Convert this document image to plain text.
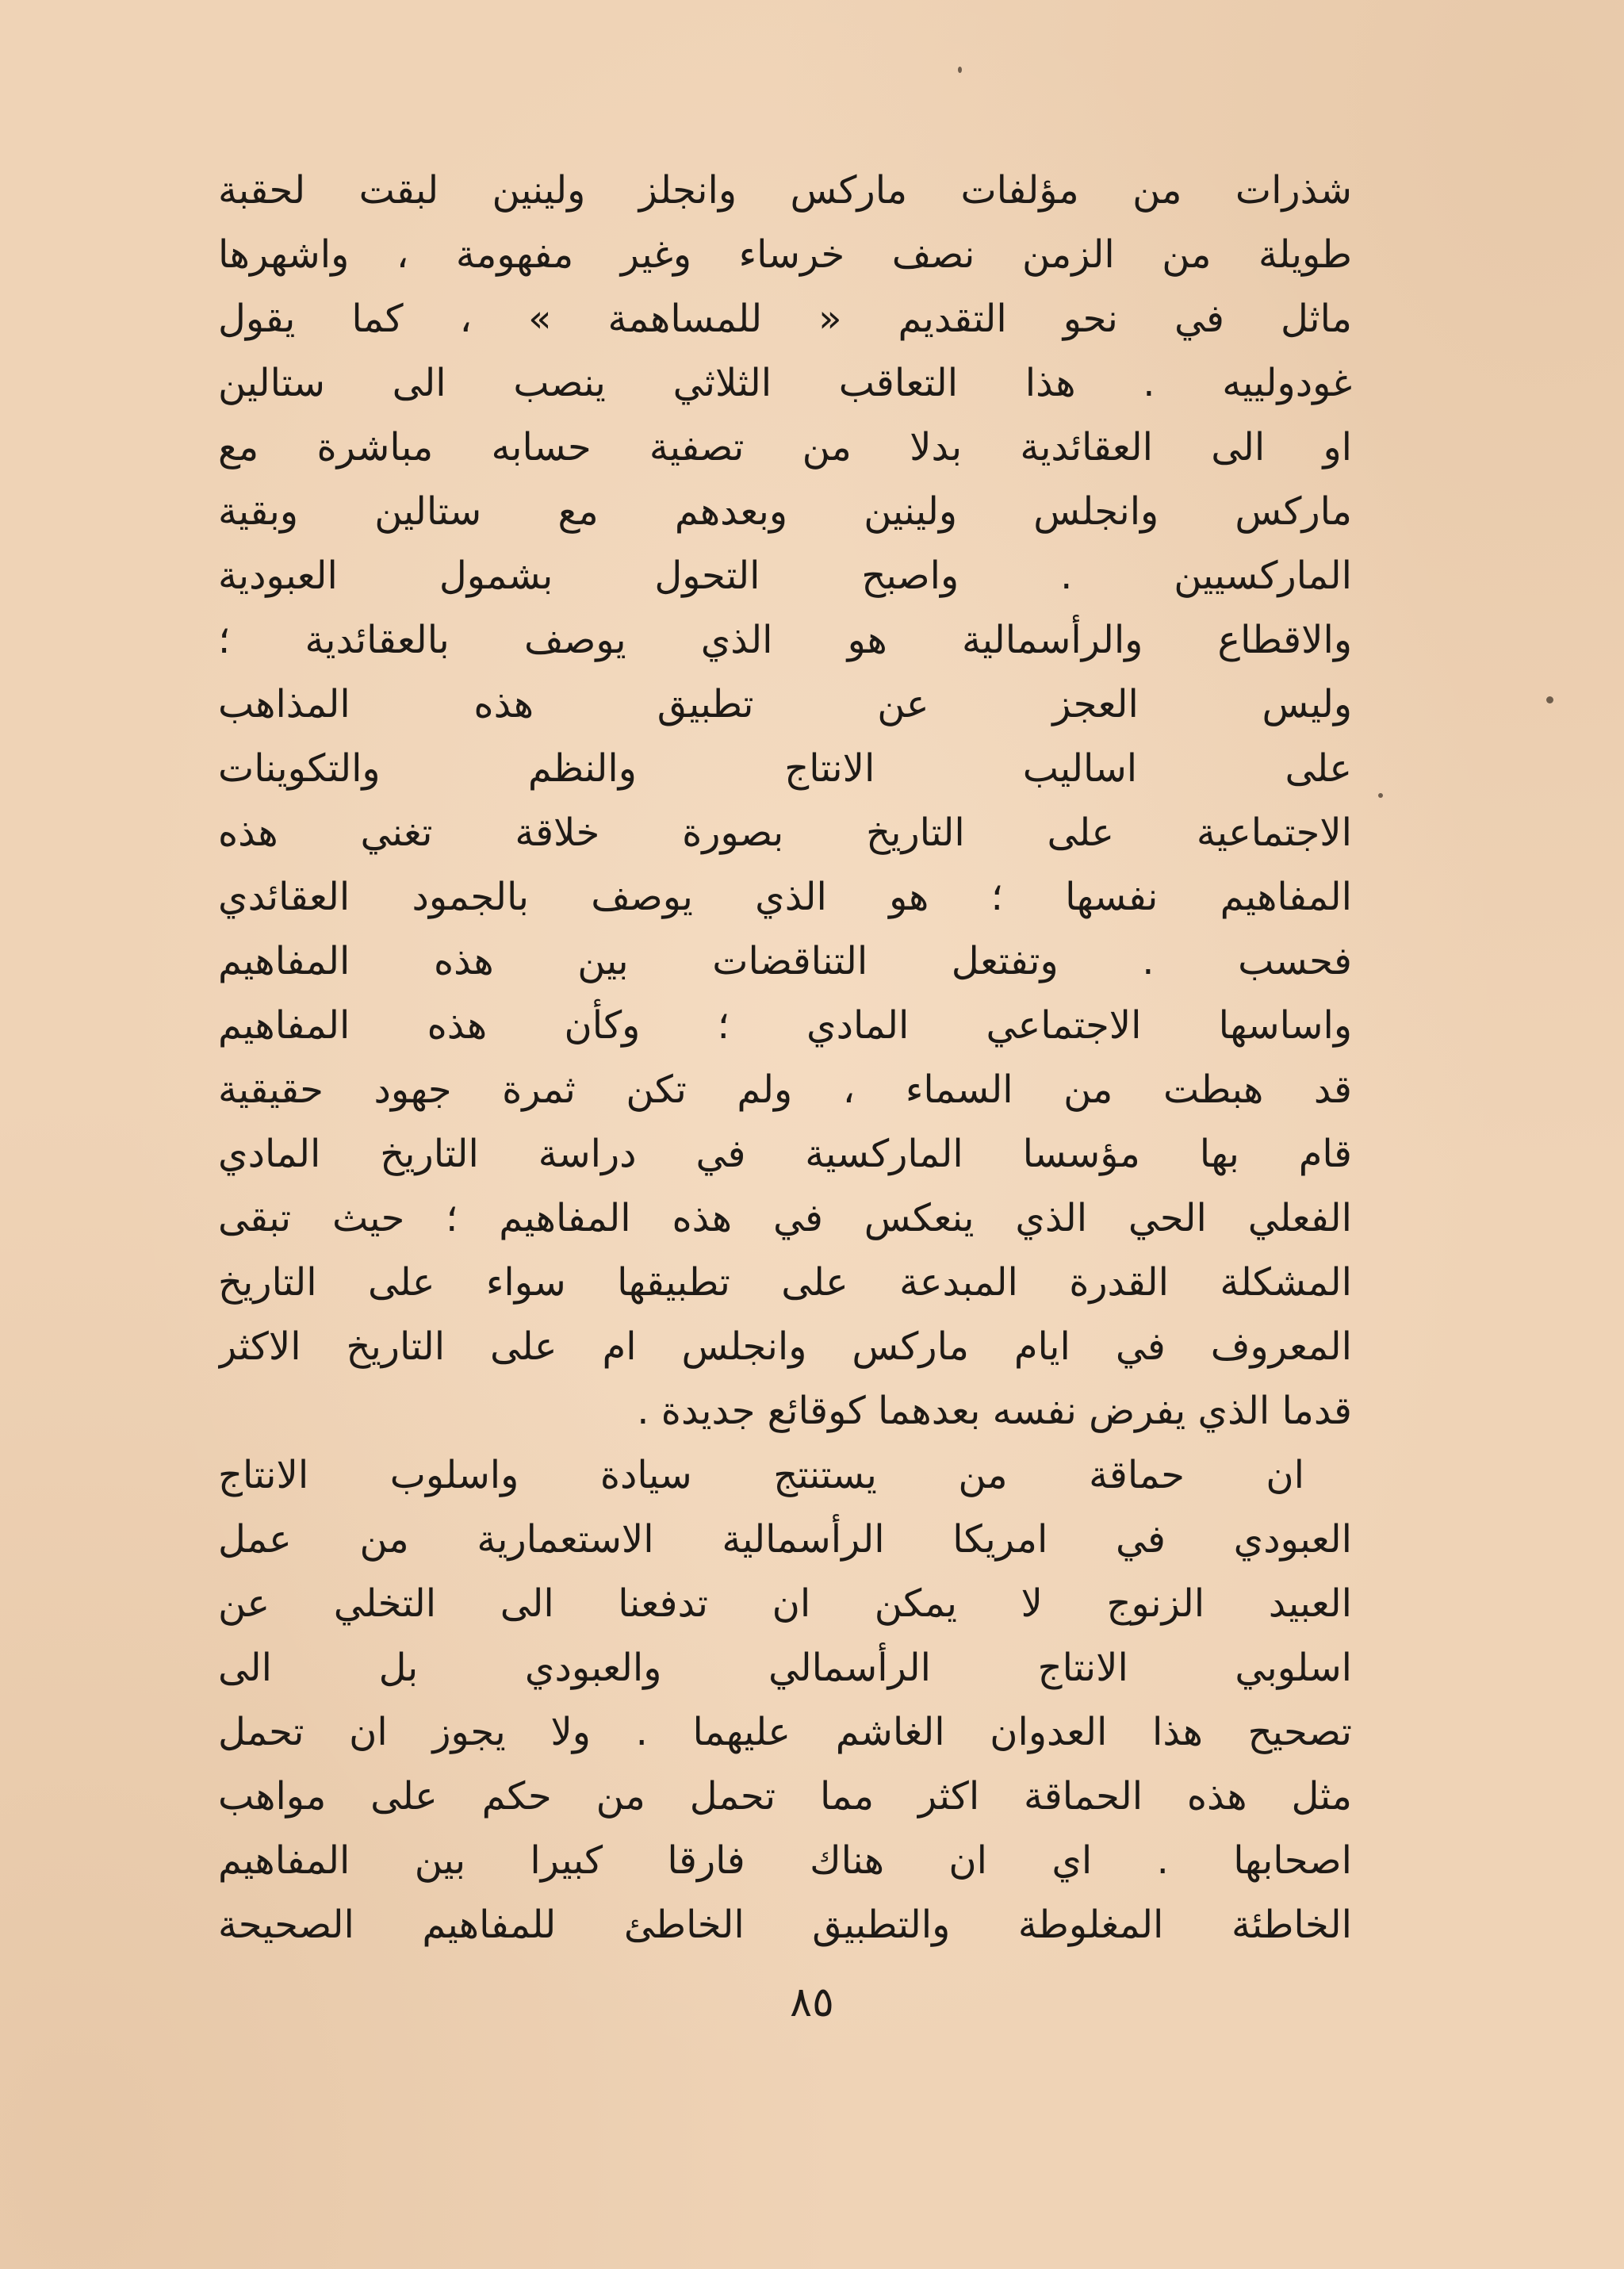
شذرات من مؤلفات ماركس وانجلز ولينين لبقت لحقبة
طويلة من الزمن نصف خرساء وغير مفهومة ، واشهرها
ماثل في نحو التقديم « للمساهمة » ، كما يقول
غودولييه . هذا التعاقب الثلاثي ينصب الى ستالين
او الى العقائدية بدلا من تصفية حسابه مباشرة مع
ماركس وانجلس ولينين وبعدهم مع ستالين وبقية
الماركسيين . واصبح التحول بشمول العبودية
والاقطاع والرأسمالية هو الذي يوصف بالعقائدية ؛
وليس العجز عن تطبيق هذه المذاهب
على اساليب الانتاج والنظم والتكوينات
الاجتماعية على التاريخ بصورة خلاقة تغني هذه
المفاهيم نفسها ؛ هو الذي يوصف بالجمود العقائدي
فحسب . وتفتعل التناقضات بين هذه المفاهيم
واساسها الاجتماعي المادي ؛ وكأن هذه المفاهيم
قد هبطت من السماء ، ولم تكن ثمرة جهود حقيقية
قام بها مؤسسا الماركسية في دراسة التاريخ المادي
الفعلي الحي الذي ينعكس في هذه المفاهيم ؛ حيث تبقى
المشكلة القدرة المبدعة على تطبيقها سواء على التاريخ
المعروف في ايام ماركس وانجلس ام على التاريخ الاكثر
قدما الذي يفرض نفسه بعدهما كوقائع جديدة .
ان حماقة من يستنتج سيادة واسلوب الانتاج
العبودي في امريكا الرأسمالية الاستعمارية من عمل
العبيد الزنوج لا يمكن ان تدفعنا الى التخلي عن
اسلوبي الانتاج الرأسمالي والعبودي بل الى
تصحيح هذا العدوان الغاشم عليهما . ولا يجوز ان تحمل
مثل هذه الحماقة اكثر مما تحمل من حكم على مواهب
اصحابها . اي ان هناك فارقا كبيرا بين المفاهيم
الخاطئة المغلوطة والتطبيق الخاطئ للمفاهيم الصحيحة
٨٥
